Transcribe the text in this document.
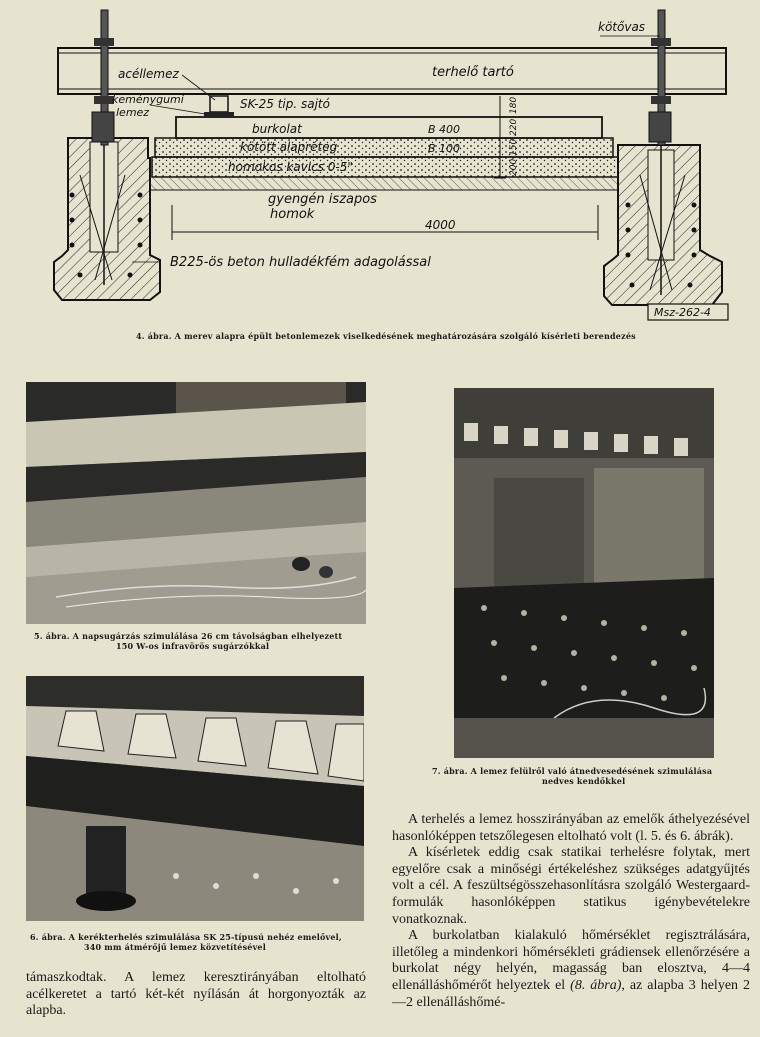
kötővas
acéllemez
keménygumi
lemez
SK-25 tip. sajtó
terhelő tartó
burkolat	B 400
kötött alapréteg	B 100
homokos kavics 0-5"
180
220
150
200
gyengén iszapos
homok
4000
B225-ös beton hulladékfém adagolással
Msz-262-4
4. ábra. A merev alapra épült betonlemezek viselkedésének meghatározására szolgáló kísérleti berendezés
5. ábra. A napsugárzás szimulálása 26 cm távolságban elhelyezett
150 W-os infravörös sugárzókkal
6. ábra. A kerékterhelés szimulálása SK 25-típusú nehéz emelővel,
340 mm átmérőjű lemez közvetítésével
7. ábra. A lemez felülről való átnedvesedésének szimulálása
nedves kendőkkel

támaszkodtak. A lemez keresztirányában eltolható acélkeretet a tartó két-két nyílásán át horgonyozták az alapba.

A terhelés a lemez hosszirányában az emelők áthelyezésével hasonlóképpen tetszőlegesen eltolható volt (l. 5. és 6. ábrák).

A kísérletek eddig csak statikai terhelésre folytak, mert egyelőre csak a minőségi értékeléshez szükséges adatgyűjtés volt a cél. A feszültségösszehasonlításra szolgáló Westergaard-formulák hasonlóképpen statikus igénybevételekre vonatkoznak.

A burkolatban kialakuló hőmérséklet regisztrálására, illetőleg a mindenkori hőmérsékleti grádiensek ellenőrzésére a burkolat négy helyén, magasság ban elosztva, 4—4 ellenálláshőmérőt helyeztek el (8. ábra), az alapba 3 helyen 2—2 ellenálláshőmé-
